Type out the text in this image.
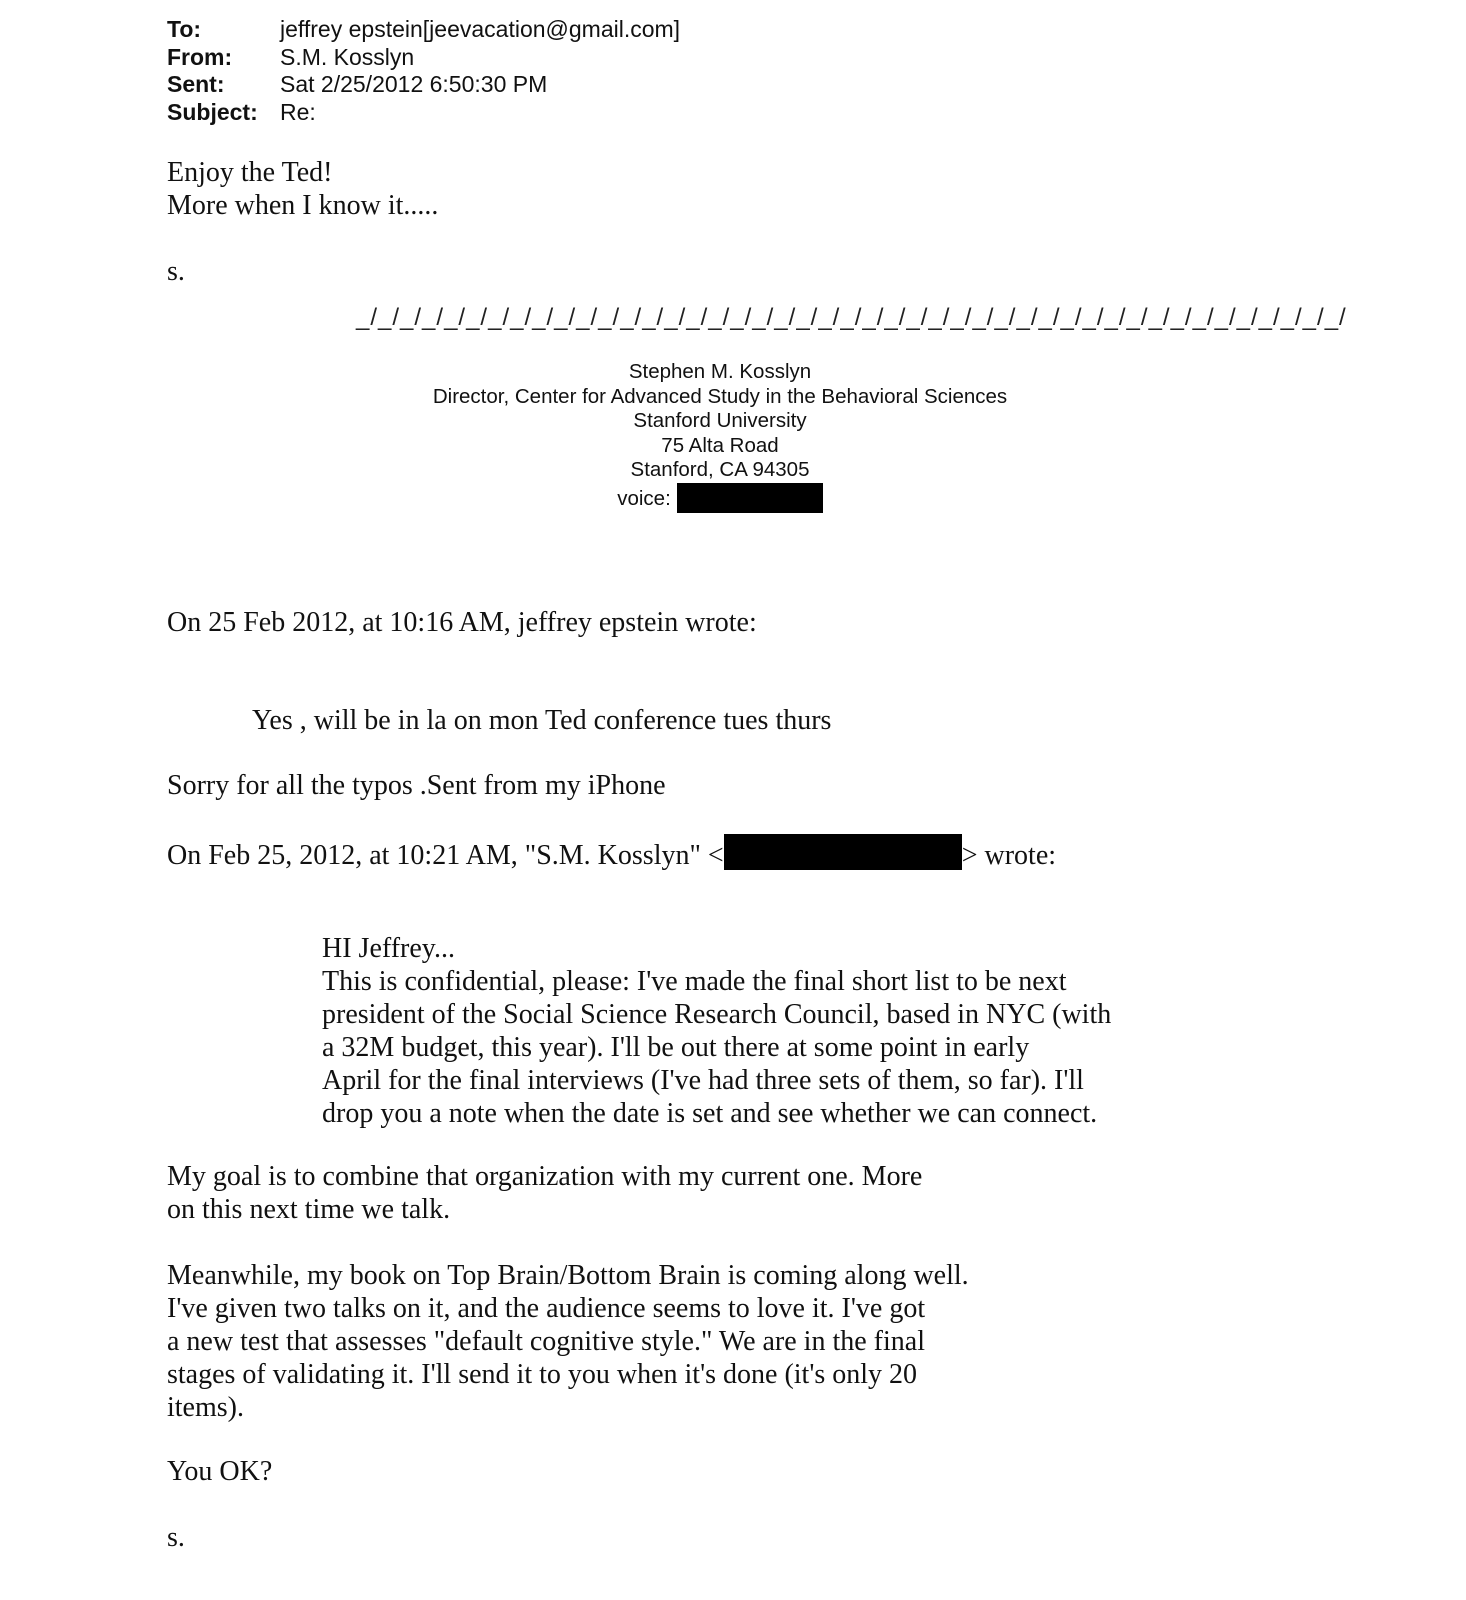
To:	jeffrey epstein[jeevacation@gmail.com]
From:	S.M. Kosslyn
Sent:	Sat 2/25/2012 6:50:30 PM
Subject: Re:
Enjoy the Ted!
More when I know it.....
s.
_/_/_/_/_/_/_/_/_/_/_/_/_/_/_/_/_/_/_/_/_/_/_/_/_/_/_/_/_/_/_/_/_/_/_/_/_/_/_/_/_/_/_/_/_/
Stephen M. Kosslyn
Director, Center for Advanced Study in the Behavioral Sciences
Stanford University
75 Alta Road
Stanford, CA 94305
voice:
On 25 Feb 2012, at 10:16 AM, jeffrey epstein wrote:
Yes , will be in la on mon Ted conference tues thurs
Sorry for all the typos .Sent from my iPhone
On Feb 25, 2012, at 10:21 AM, "S.M. Kosslyn" <	> wrote:
HI Jeffrey...
This is confidential, please: I've made the final short list to be next
president of the Social Science Research Council, based in NYC (with
a 32M budget, this year). I'll be out there at some point in early
April for the final interviews (I've had three sets of them, so far). I'll
drop you a note when the date is set and see whether we can connect.
My goal is to combine that organization with my current one. More
on this next time we talk.
Meanwhile, my book on Top Brain/Bottom Brain is coming along well.
I've given two talks on it, and the audience seems to love it. I've got
a new test that assesses "default cognitive style." We are in the final
stages of validating it. I'll send it to you when it's done (it's only 20
items).
You OK?
s.
